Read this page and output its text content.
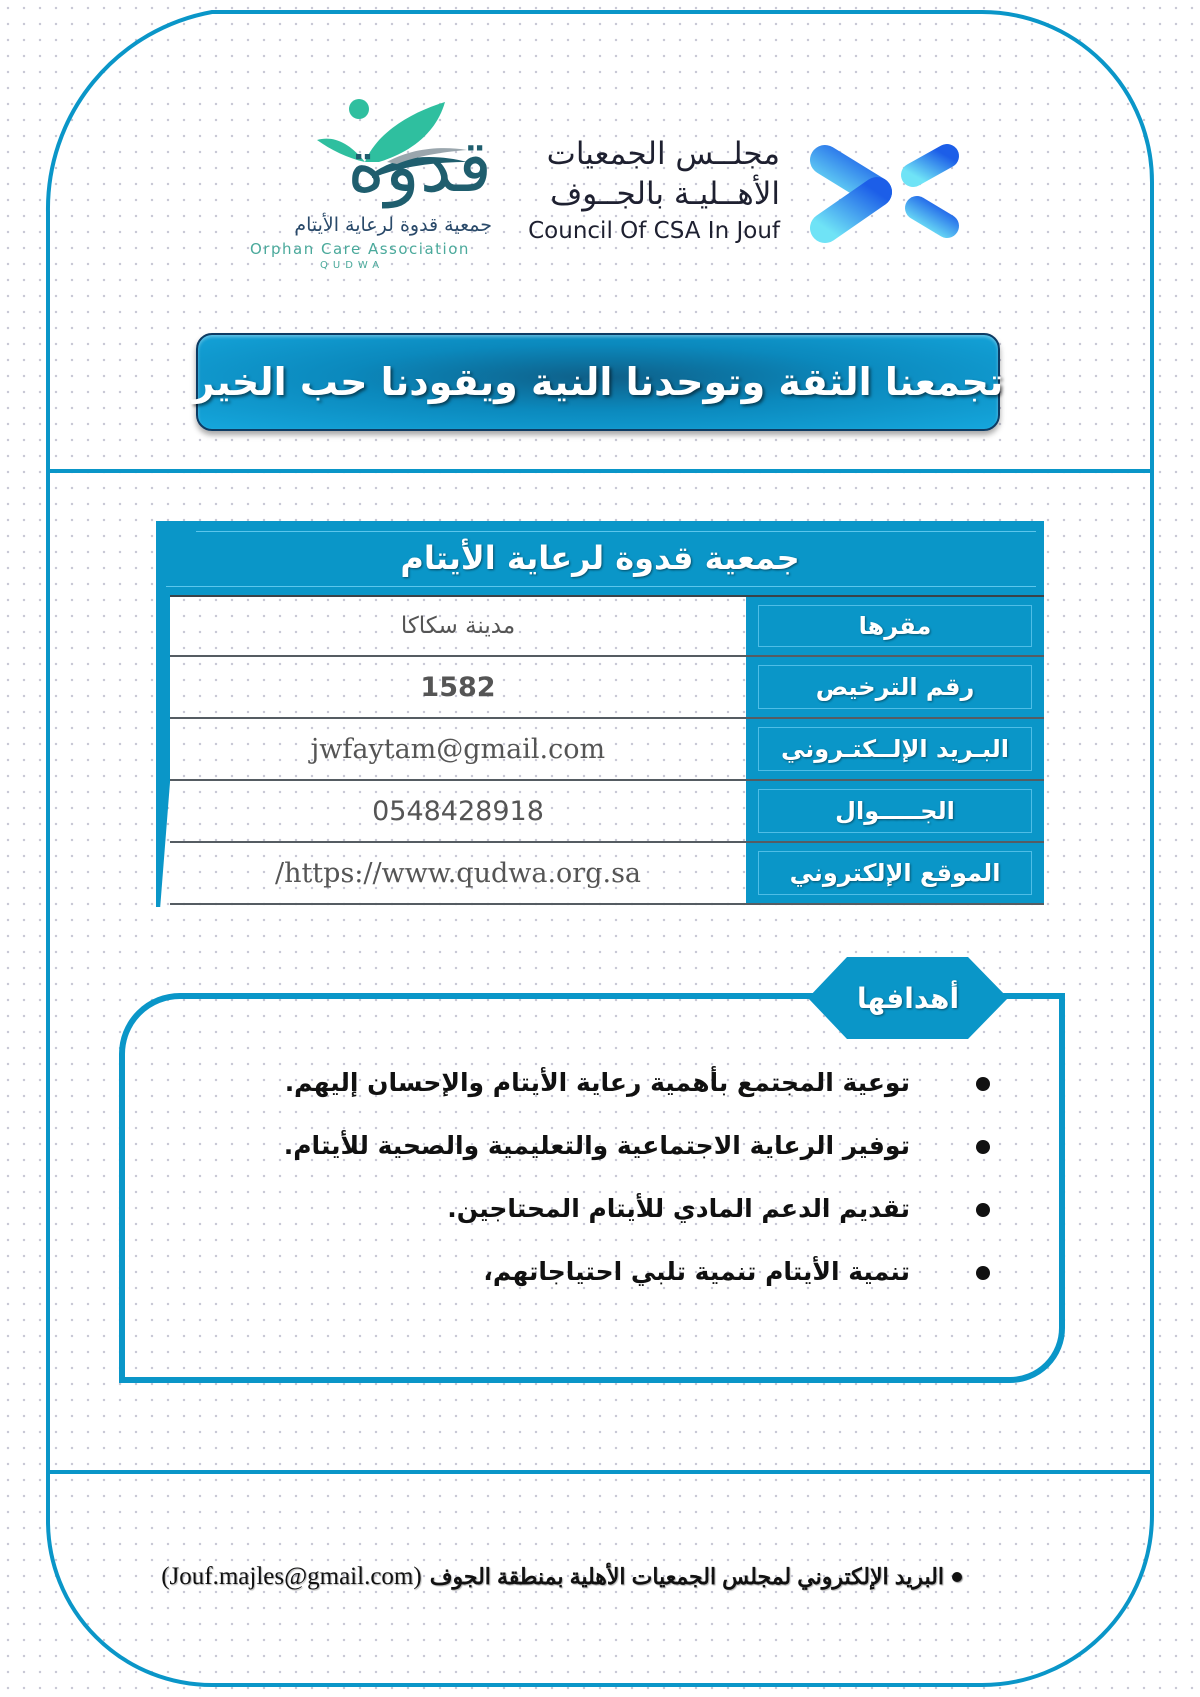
قدوة
جمعية قدوة لرعاية الأيتام
Orphan Care Association
QUDWA
مجلــس الجمعيات
الأهــليـة بالجــوف
Council Of CSA In Jouf
تجمعنا الثقة وتوحدنا النية ويقودنا حب الخير
جمعية قدوة لرعاية الأيتام
مدينة سكاكا	مقرها
1582	رقم الترخيص
jwfaytam@gmail.com	البـريد الإلــكتـروني
0548428918	الجـــــوال
/https://www.qudwa.org.sa	الموقع الإلكتروني
أهدافها
توعية المجتمع بأهمية رعاية الأيتام والإحسان إليهم.
توفير الرعاية الاجتماعية والتعليمية والصحية للأيتام.
تقديم الدعم المادي للأيتام المحتاجين.
تنمية الأيتام تنمية تلبي احتياجاتهم،
البريد الإلكتروني لمجلس الجمعيات الأهلية بمنطقة الجوف
(Jouf.majles@gmail.com)
